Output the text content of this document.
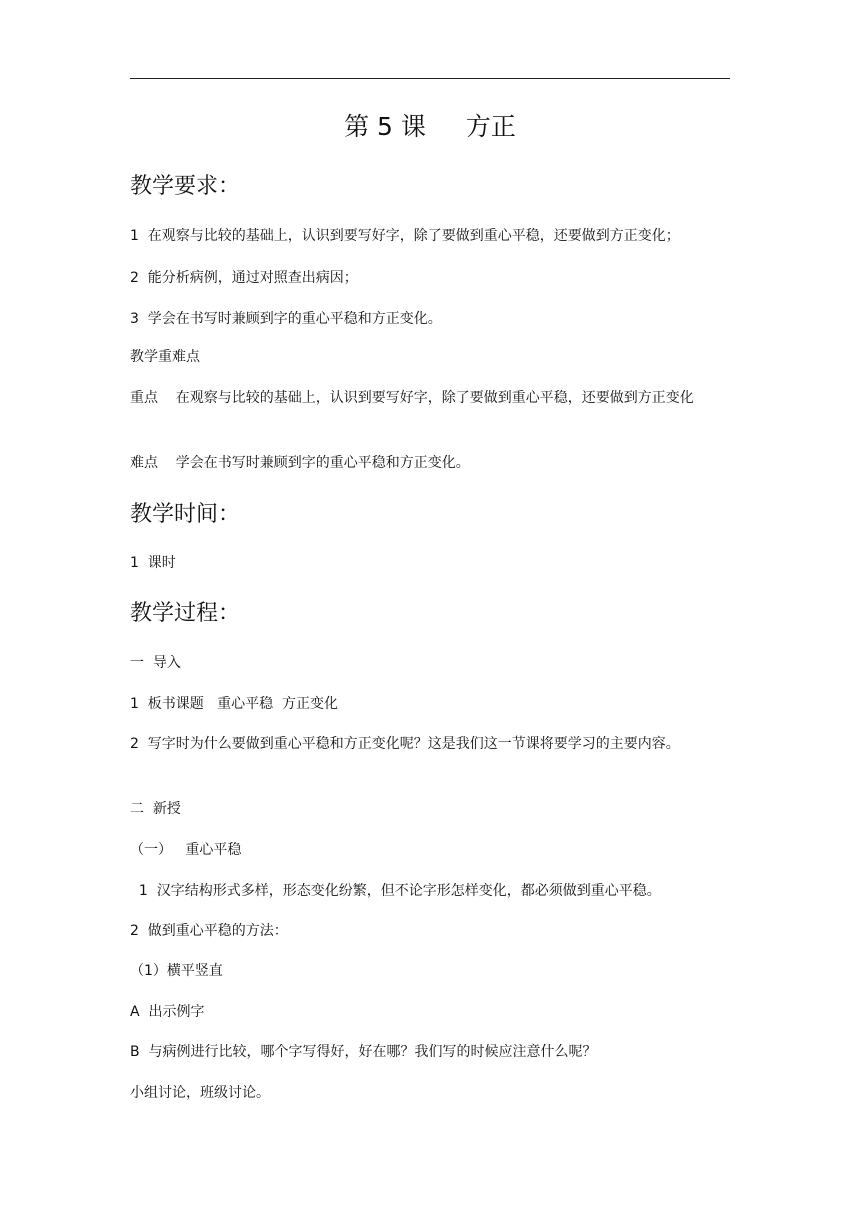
第 5 课 方正
教学要求：
1  在观察与比较的基础上，认识到要写好字，除了要做到重心平稳，还要做到方正变化；
2  能分析病例，通过对照查出病因；
3  学会在书写时兼顾到字的重心平稳和方正变化。
教学重难点
重点    在观察与比较的基础上，认识到要写好字，除了要做到重心平稳，还要做到方正变化
难点    学会在书写时兼顾到字的重心平稳和方正变化。
教学时间：
1  课时
教学过程：
一  导入
1  板书课题   重心平稳  方正变化
2  写字时为什么要做到重心平稳和方正变化呢？这是我们这一节课将要学习的主要内容。
二  新授
（一）   重心平稳
1  汉字结构形式多样，形态变化纷繁，但不论字形怎样变化，都必须做到重心平稳。
2  做到重心平稳的方法：
（1）横平竖直
A  出示例字
B  与病例进行比较，哪个字写得好，好在哪？我们写的时候应注意什么呢？
小组讨论，班级讨论。
